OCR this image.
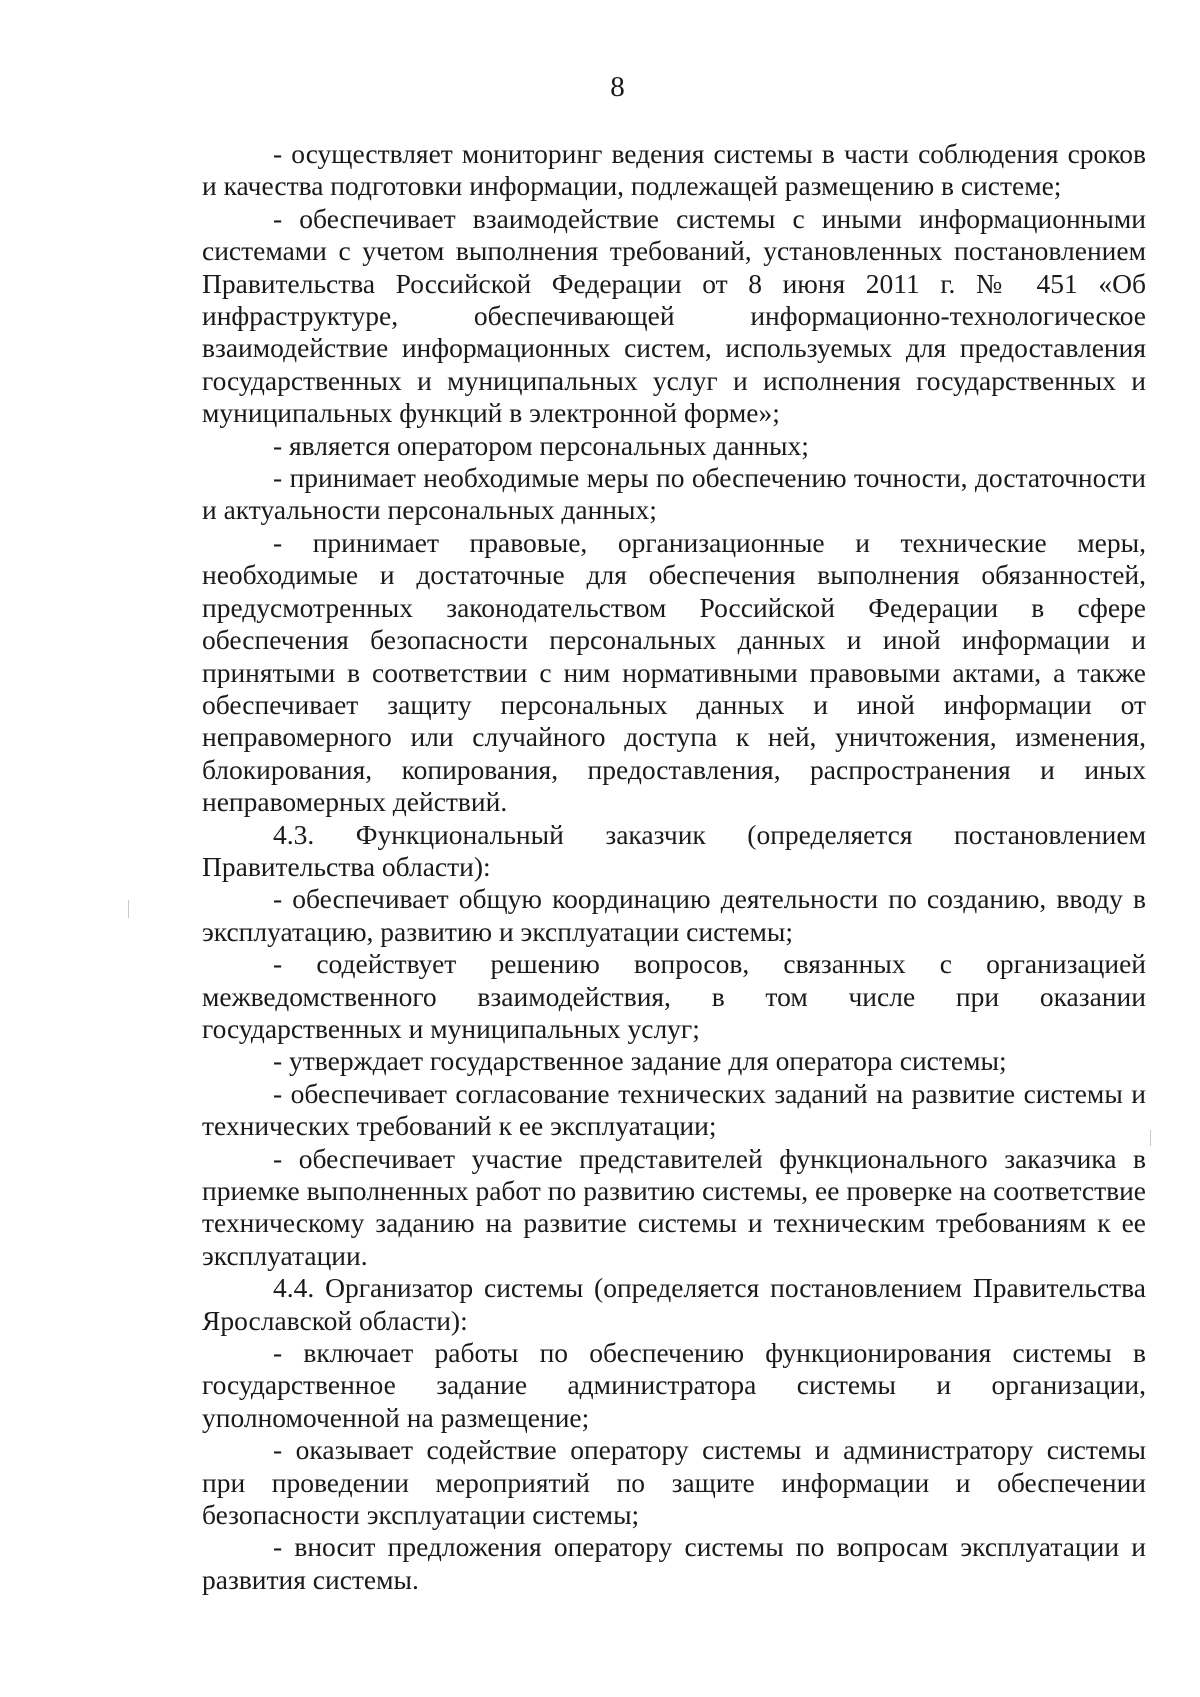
8

- осуществляет мониторинг ведения системы в части соблюдения сроков и качества подготовки информации, подлежащей размещению в системе;

- обеспечивает взаимодействие системы с иными информационными системами с учетом выполнения требований, установленных постановлением Правительства Российской Федерации от 8 июня 2011 г. № 451 «Об инфраструктуре, обеспечивающей информационно-технологическое взаимодействие информационных систем, используемых для предоставления государственных и муниципальных услуг и исполнения государственных и муниципальных функций в электронной форме»;

- является оператором персональных данных;

- принимает необходимые меры по обеспечению точности, достаточности и актуальности персональных данных;

- принимает правовые, организационные и технические меры, необходимые и достаточные для обеспечения выполнения обязанностей, предусмотренных законодательством Российской Федерации в сфере обеспечения безопасности персональных данных и иной информации и принятыми в соответствии с ним нормативными правовыми актами, а также обеспечивает защиту персональных данных и иной информации от неправомерного или случайного доступа к ней, уничтожения, изменения, блокирования, копирования, предоставления, распространения и иных неправомерных действий.

4.3. Функциональный заказчик (определяется постановлением Правительства области):

- обеспечивает общую координацию деятельности по созданию, вводу в эксплуатацию, развитию и эксплуатации системы;

- содействует решению вопросов, связанных с организацией межведомственного взаимодействия, в том числе при оказании государственных и муниципальных услуг;

- утверждает государственное задание для оператора системы;

- обеспечивает согласование технических заданий на развитие системы и технических требований к ее эксплуатации;

- обеспечивает участие представителей функционального заказчика в приемке выполненных работ по развитию системы, ее проверке на соответствие техническому заданию на развитие системы и техническим требованиям к ее эксплуатации.

4.4. Организатор системы (определяется постановлением Правительства Ярославской области):

- включает работы по обеспечению функционирования системы в государственное задание администратора системы и организации, уполномоченной на размещение;

- оказывает содействие оператору системы и администратору системы при проведении мероприятий по защите информации и обеспечении безопасности эксплуатации системы;

- вносит предложения оператору системы по вопросам эксплуатации и развития системы.
